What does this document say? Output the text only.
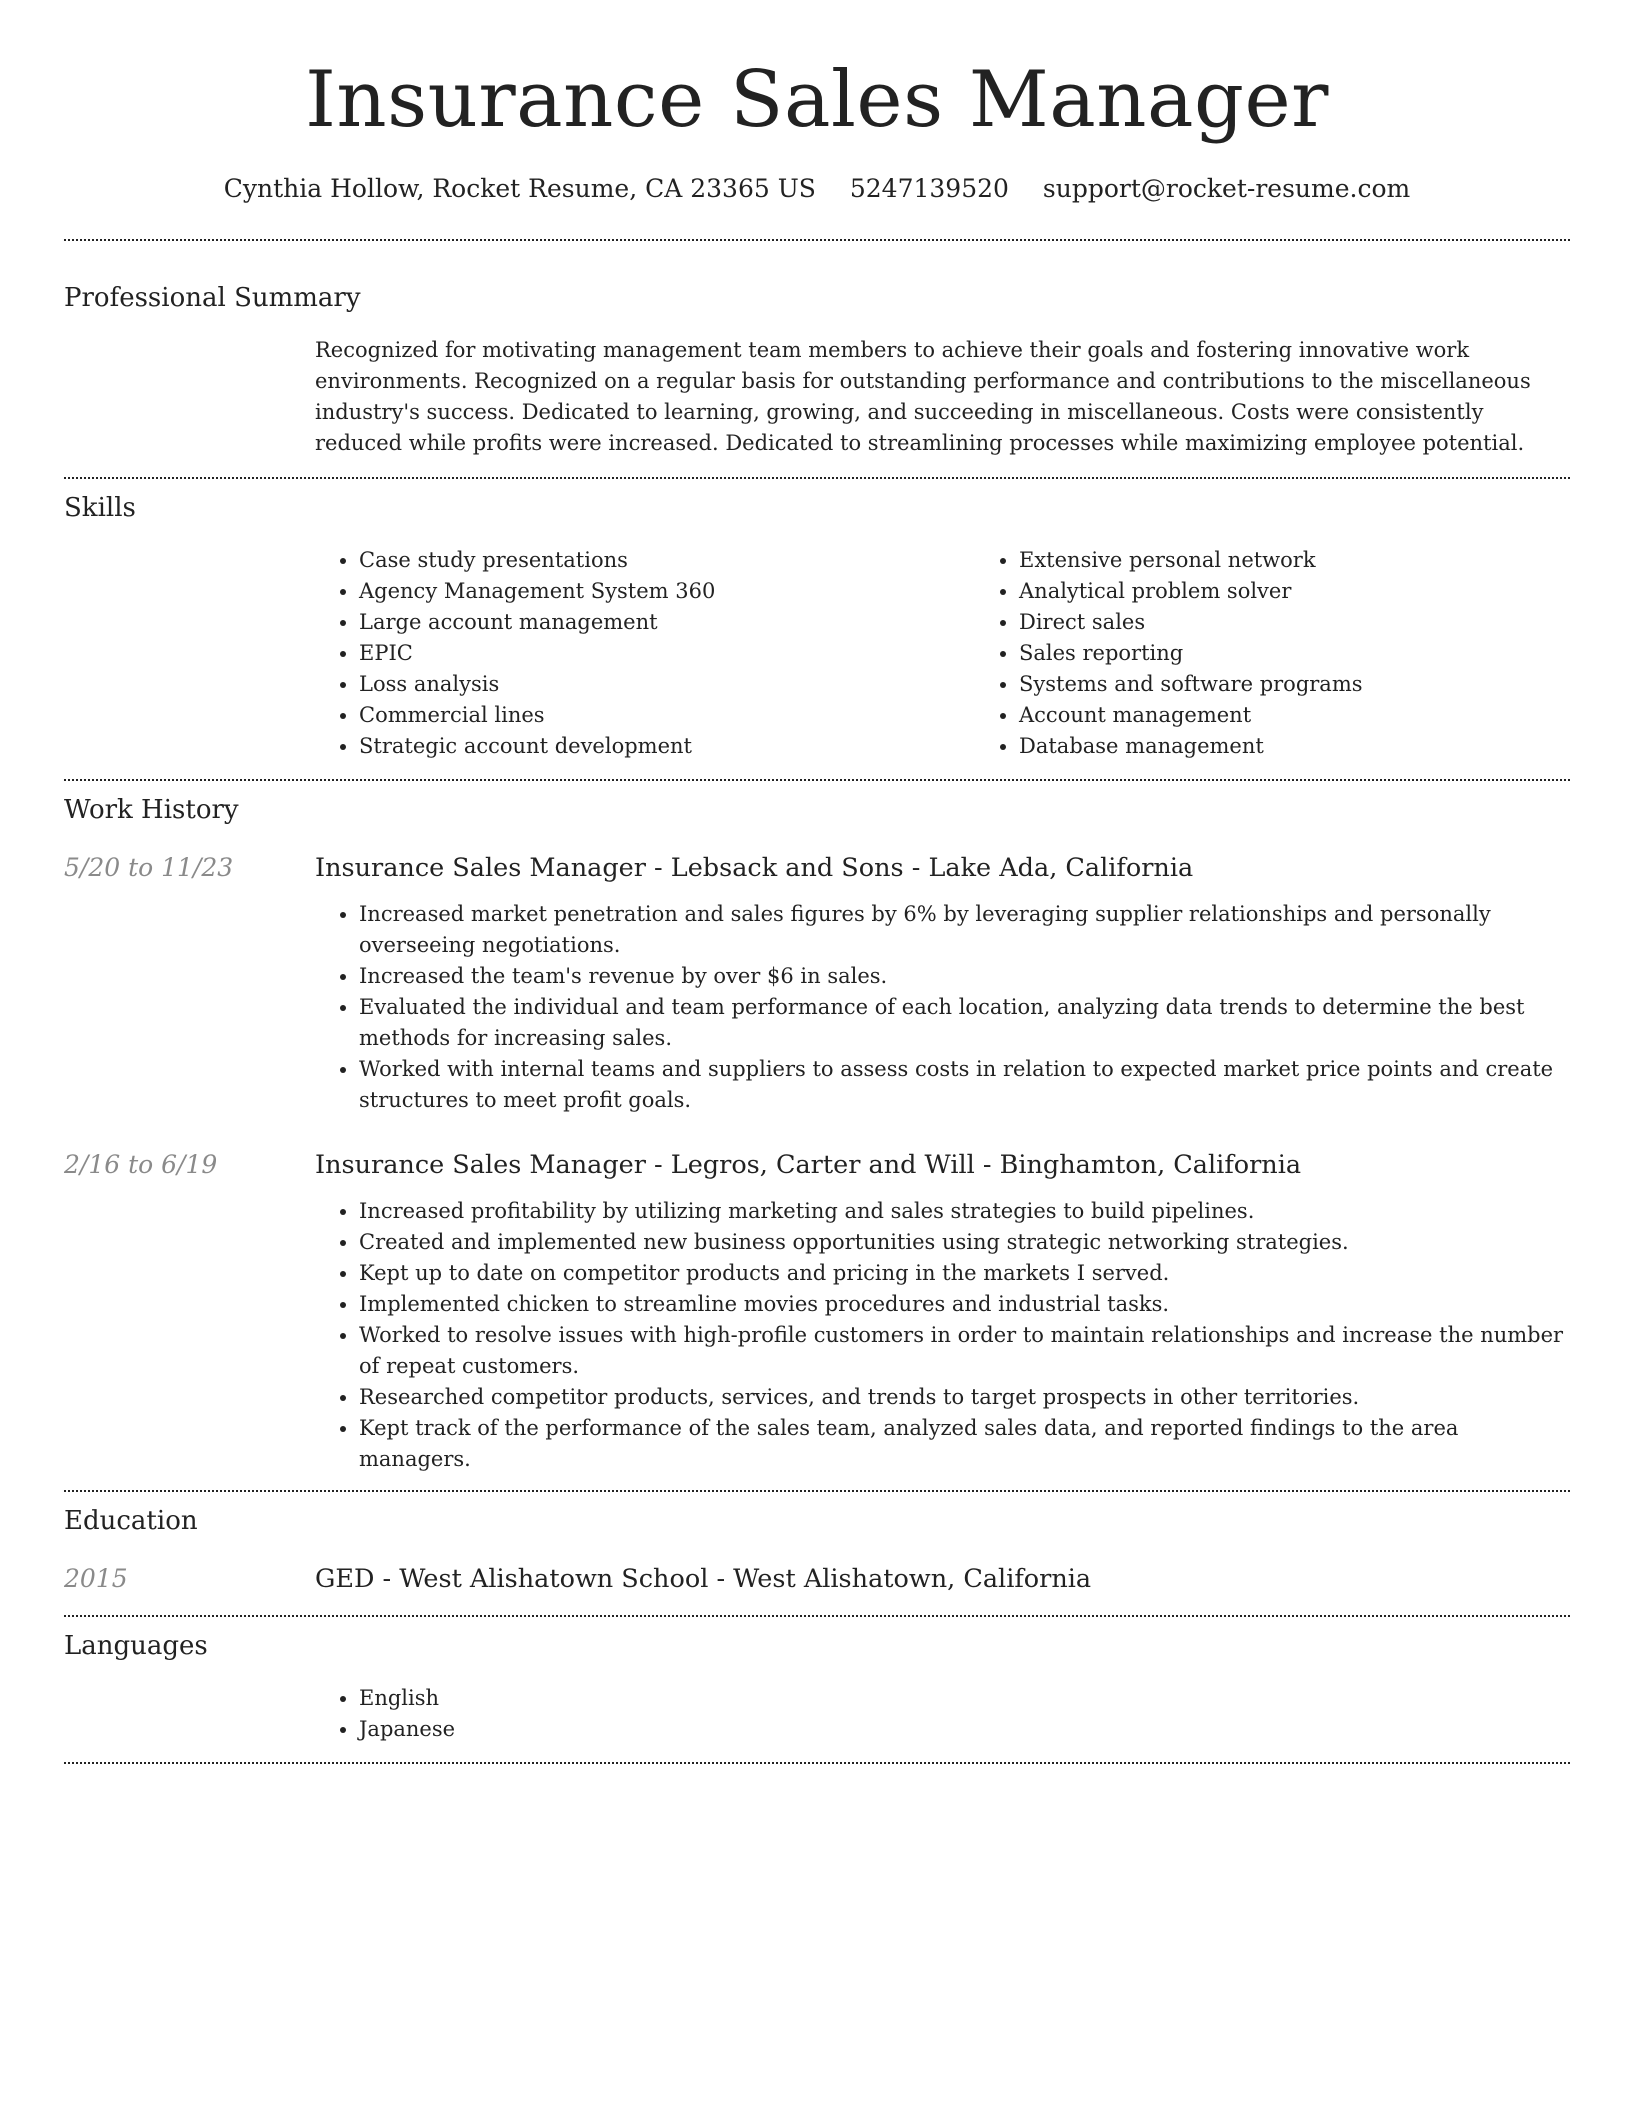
Insurance Sales Manager
Cynthia Hollow, Rocket Resume, CA 23365 US 5247139520 support@rocket-resume.com
Professional Summary
Recognized for motivating management team members to achieve their goals and fostering innovative work environments. Recognized on a regular basis for outstanding performance and contributions to the miscellaneous industry's success. Dedicated to learning, growing, and succeeding in miscellaneous. Costs were consistently reduced while profits were increased. Dedicated to streamlining processes while maximizing employee potential.
Skills
• Case study presentations
• Agency Management System 360
• Large account management
• EPIC
• Loss analysis
• Commercial lines
• Strategic account development
• Extensive personal network
• Analytical problem solver
• Direct sales
• Sales reporting
• Systems and software programs
• Account management
• Database management
Work History
5/20 to 11/23	Insurance Sales Manager - Lebsack and Sons - Lake Ada, California
• Increased market penetration and sales figures by 6% by leveraging supplier relationships and personally overseeing negotiations.
• Increased the team's revenue by over $6 in sales.
• Evaluated the individual and team performance of each location, analyzing data trends to determine the best methods for increasing sales.
• Worked with internal teams and suppliers to assess costs in relation to expected market price points and create structures to meet profit goals.
2/16 to 6/19	Insurance Sales Manager - Legros, Carter and Will - Binghamton, California
• Increased profitability by utilizing marketing and sales strategies to build pipelines.
• Created and implemented new business opportunities using strategic networking strategies.
• Kept up to date on competitor products and pricing in the markets I served.
• Implemented chicken to streamline movies procedures and industrial tasks.
• Worked to resolve issues with high-profile customers in order to maintain relationships and increase the number of repeat customers.
• Researched competitor products, services, and trends to target prospects in other territories.
• Kept track of the performance of the sales team, analyzed sales data, and reported findings to the area managers.
Education
2015	GED - West Alishatown School - West Alishatown, California
Languages
• English
• Japanese
